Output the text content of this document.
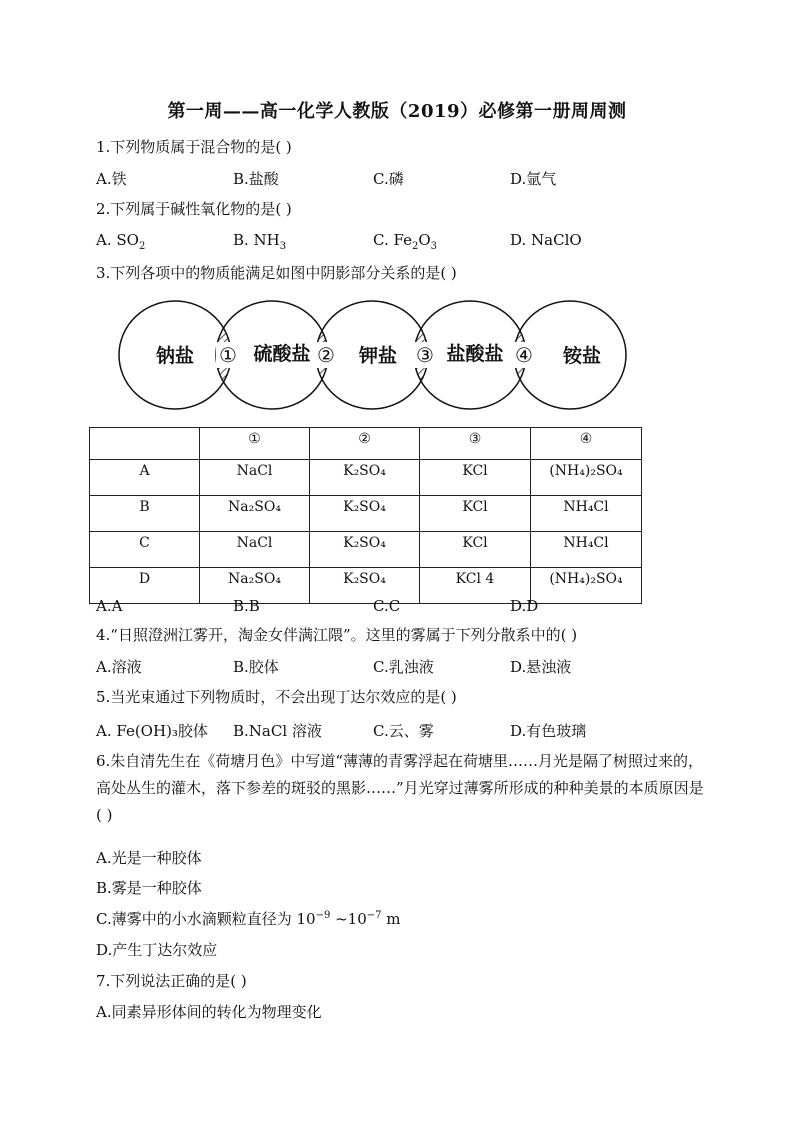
第一周——高一化学人教版（2019）必修第一册周周测
1.下列物质属于混合物的是( )
A.铁	B.盐酸	C.磷	D.氩气
2.下列属于碱性氧化物的是( )
A. $SO_2$	B. $NH_3$	C. $Fe_2O_3$	D. NaClO
3.下列各项中的物质能满足如图中阴影部分关系的是( )
钠盐	硫酸盐	钾盐	盐酸盐	铵盐
①	②	③	④
	①	②	③	④
A	NaCl	K₂SO₄	KCl	(NH₄)₂SO₄
B	Na₂SO₄	K₂SO₄	KCl	NH₄Cl
C	NaCl	K₂SO₄	KCl	NH₄Cl
D	Na₂SO₄	K₂SO₄	KCl 4	(NH₄)₂SO₄
A.A	B.B	C.C	D.D
4.“日照澄洲江雾开，淘金女伴满江隈”。这里的雾属于下列分散系中的( )
A.溶液	B.胶体	C.乳浊液	D.悬浊液
5.当光束通过下列物质时，不会出现丁达尔效应的是( )
A. Fe(OH)₃胶体 B.NaCl 溶液	C.云、雾	D.有色玻璃
6.朱自清先生在《荷塘月色》中写道“薄薄的青雾浮起在荷塘里……月光是隔了树照过来的，高处丛生的灌木，落下参差的斑驳的黑影……”月光穿过薄雾所形成的种种美景的本质原因是( )
A.光是一种胶体
B.雾是一种胶体
C.薄雾中的小水滴颗粒直径为 $10^{-9}$ $\sim 10^{-7}$ m
D.产生丁达尔效应
7.下列说法正确的是( )
A.同素异形体间的转化为物理变化
